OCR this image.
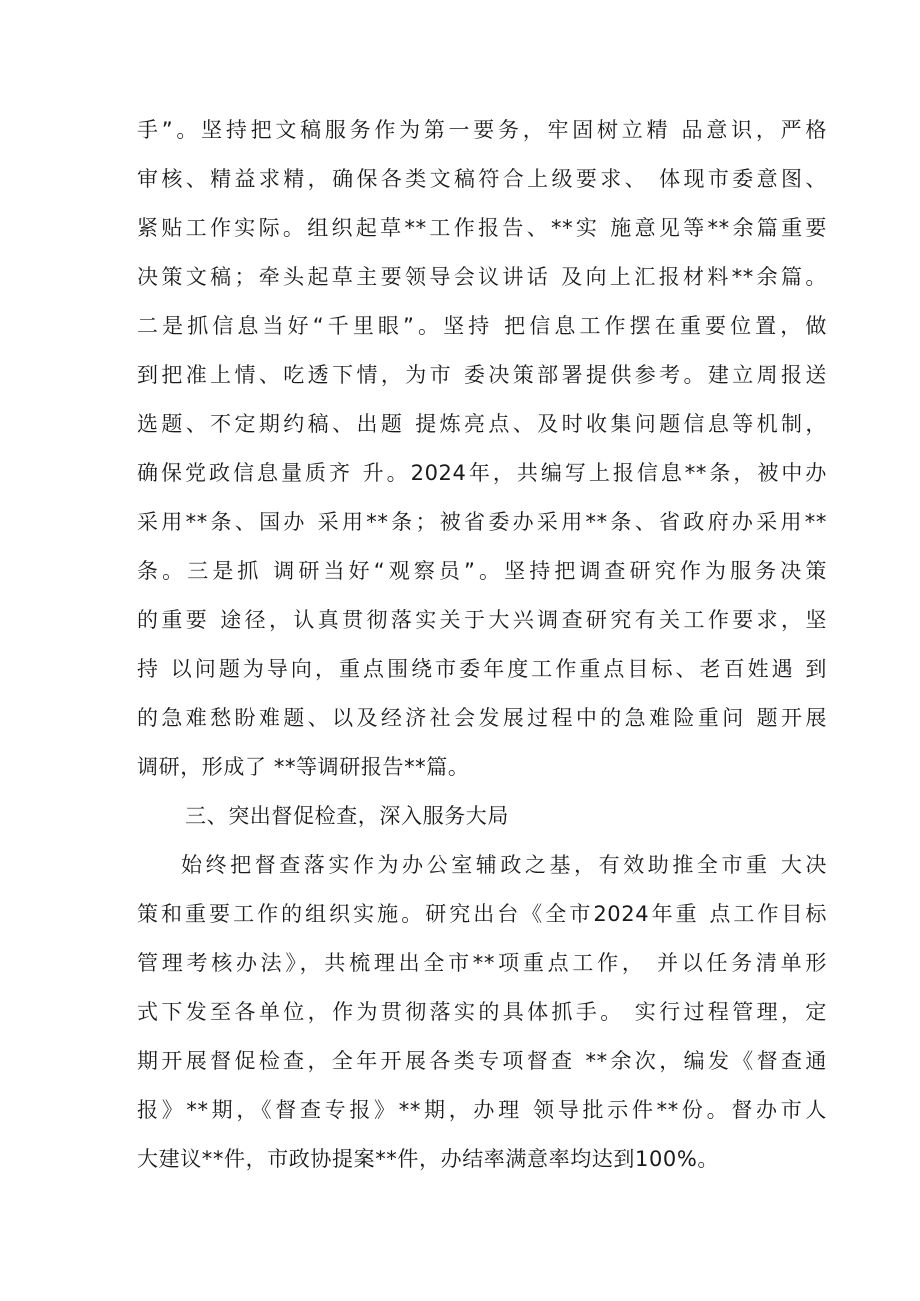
手”。坚持把文稿服务作为第一要务，牢固树立精 品意识，严格
审核、精益求精，确保各类文稿符合上级要求、 体现市委意图、
紧贴工作实际。组织起草**工作报告、**实 施意见等**余篇重要
决策文稿；牵头起草主要领导会议讲话 及向上汇报材料**余篇。
二是抓信息当好“千里眼”。坚持 把信息工作摆在重要位置，做
到把准上情、吃透下情，为市 委决策部署提供参考。建立周报送
选题、不定期约稿、出题 提炼亮点、及时收集问题信息等机制，
确保党政信息量质齐 升。2024年，共编写上报信息**条，被中办
采用**条、国办 采用**条；被省委办采用**条、省政府办采用**
条。三是抓 调研当好“观察员”。坚持把调查研究作为服务决策
的重要 途径，认真贯彻落实关于大兴调查研究有关工作要求，坚
持 以问题为导向，重点围绕市委年度工作重点目标、老百姓遇 到
的急难愁盼难题、以及经济社会发展过程中的急难险重问 题开展
调研，形成了 **等调研报告**篇。
三、突出督促检查，深入服务大局
始终把督查落实作为办公室辅政之基，有效助推全市重 大决
策和重要工作的组织实施。研究出台《全市2024年重 点工作目标
管理考核办法》，共梳理出全市**项重点工作， 并以任务清单形
式下发至各单位，作为贯彻落实的具体抓手。 实行过程管理，定
期开展督促检查，全年开展各类专项督查 **余次，编发《督查通
报》**期，《督查专报》**期，办理 领导批示件**份。督办市人
大建议**件，市政协提案**件，办结率满意率均达到100%。
